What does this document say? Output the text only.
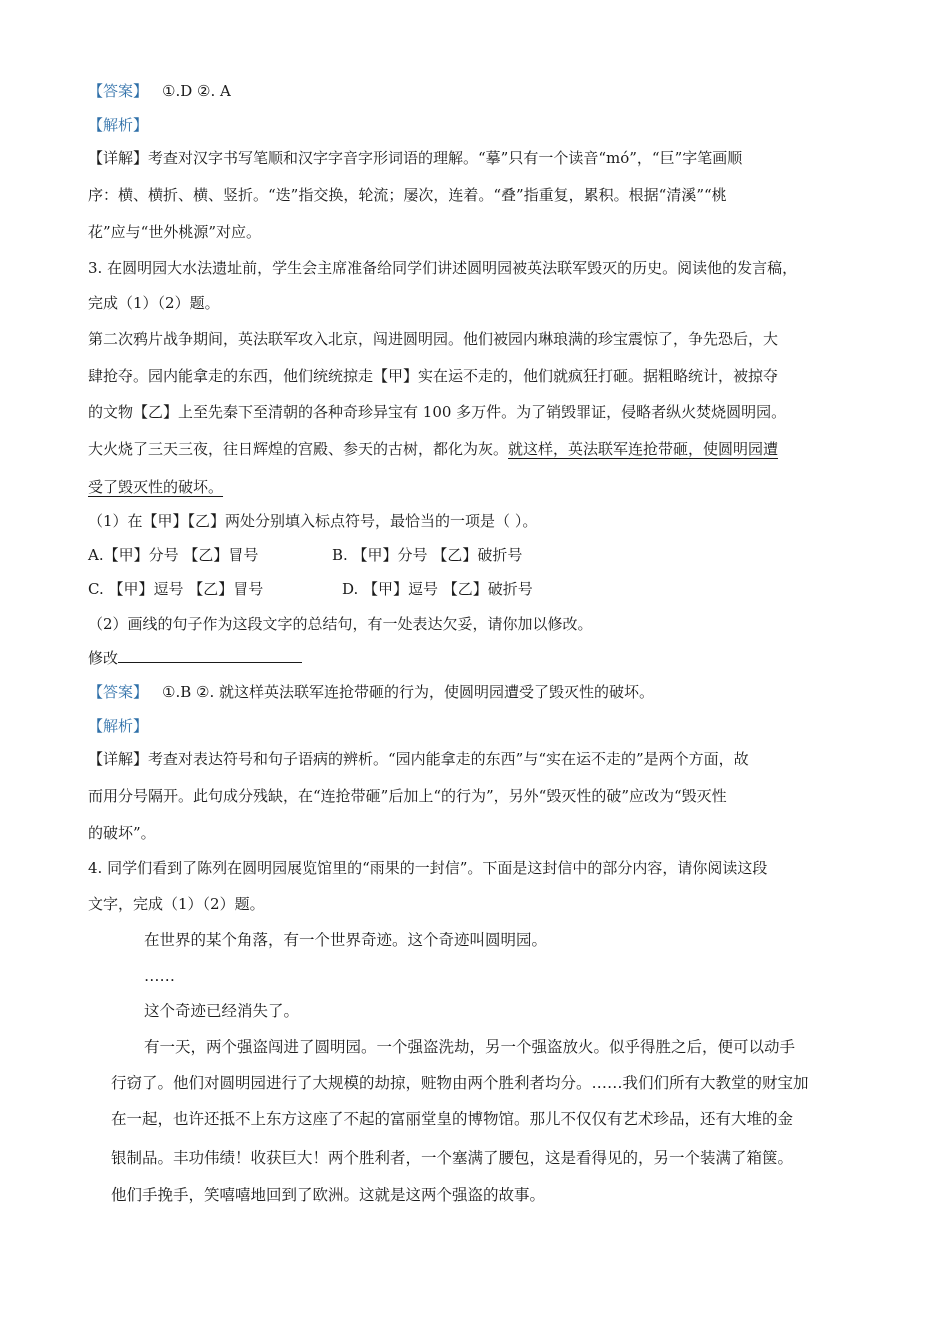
【答案】 ①.D ②. A
【解析】
【详解】考查对汉字书写笔顺和汉字字音字形词语的理解。“摹”只有一个读音“mó”，“巨”字笔画顺
序：横、横折、横、竖折。“迭”指交换，轮流；屡次，连着。“叠”指重复，累积。根据“清溪”“桃
花”应与“世外桃源”对应。
3. 在圆明园大水法遗址前，学生会主席准备给同学们讲述圆明园被英法联军毁灭的历史。阅读他的发言稿，
完成（1）（2）题。
第二次鸦片战争期间，英法联军攻入北京，闯进圆明园。他们被园内琳琅满的珍宝震惊了，争先恐后，大
肆抢夺。园内能拿走的东西，他们统统掠走【甲】实在运不走的，他们就疯狂打砸。据粗略统计，被掠夺
的文物【乙】上至先秦下至清朝的各种奇珍异宝有 100 多万件。为了销毁罪证，侵略者纵火焚烧圆明园。
大火烧了三天三夜，往日辉煌的宫殿、参天的古树，都化为灰。就这样，英法联军连抢带砸，使圆明园遭
受了毁灭性的破坏。
（1）在【甲】【乙】两处分别填入标点符号，最恰当的一项是（ ）。
A.【甲】分号 【乙】冒号	B. 【甲】分号 【乙】破折号
C. 【甲】逗号 【乙】冒号	D. 【甲】逗号 【乙】破折号
（2）画线的句子作为这段文字的总结句，有一处表达欠妥，请你加以修改。
修改
【答案】 ①.B ②. 就这样英法联军连抢带砸的行为，使圆明园遭受了毁灭性的破坏。
【解析】
【详解】考查对表达符号和句子语病的辨析。“园内能拿走的东西”与“实在运不走的”是两个方面，故
而用分号隔开。此句成分残缺，在“连抢带砸”后加上“的行为”，另外“毁灭性的破”应改为“毁灭性
的破坏”。
4. 同学们看到了陈列在圆明园展览馆里的“雨果的一封信”。下面是这封信中的部分内容，请你阅读这段
文字，完成（1）（2）题。
在世界的某个角落，有一个世界奇迹。这个奇迹叫圆明园。
……
这个奇迹已经消失了。
有一天，两个强盗闯进了圆明园。一个强盗洗劫，另一个强盗放火。似乎得胜之后，便可以动手
行窃了。他们对圆明园进行了大规模的劫掠，赃物由两个胜利者均分。……我们们所有大教堂的财宝加
在一起，也许还抵不上东方这座了不起的富丽堂皇的博物馆。那儿不仅仅有艺术珍品，还有大堆的金
银制品。丰功伟绩！收获巨大！两个胜利者，一个塞满了腰包，这是看得见的，另一个装满了箱箧。
他们手挽手，笑嘻嘻地回到了欧洲。这就是这两个强盗的故事。
